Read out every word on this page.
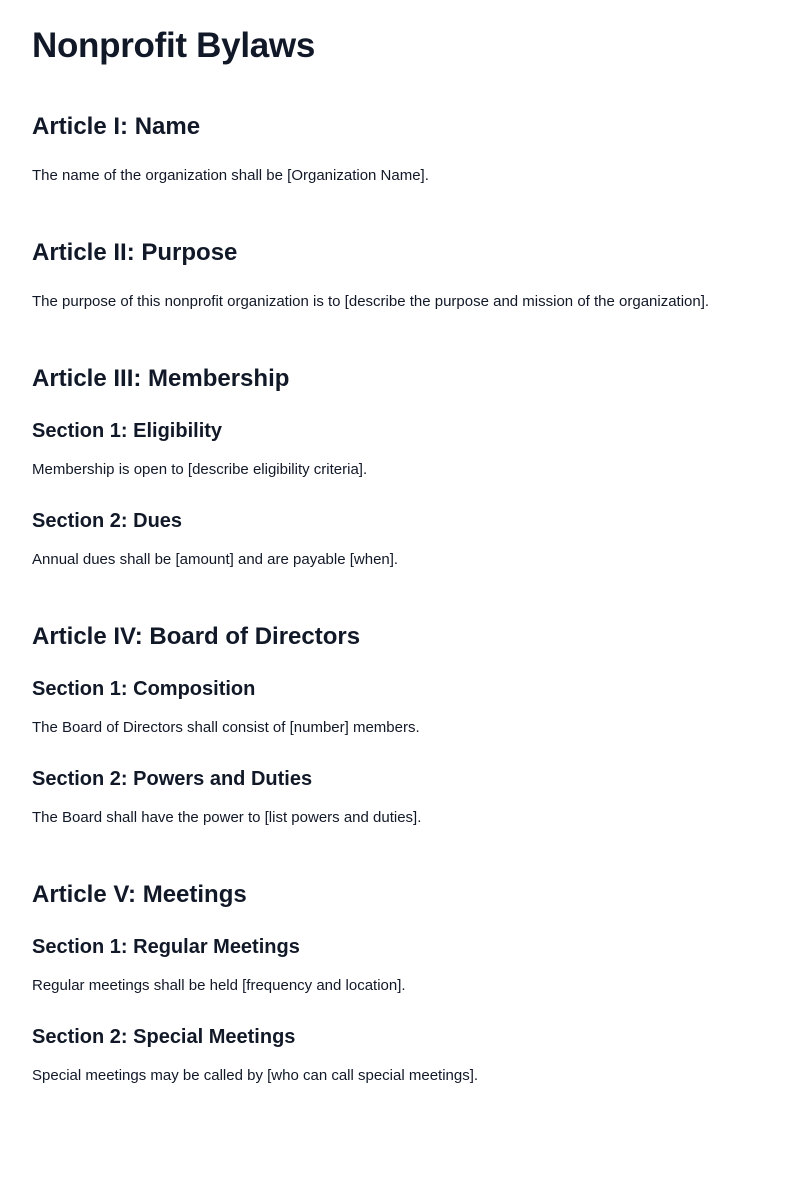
Nonprofit Bylaws
Article I: Name

The name of the organization shall be [Organization Name].

Article II: Purpose

The purpose of this nonprofit organization is to [describe the purpose and mission of the organization].

Article III: Membership
Section 1: Eligibility

Membership is open to [describe eligibility criteria].

Section 2: Dues

Annual dues shall be [amount] and are payable [when].

Article IV: Board of Directors
Section 1: Composition

The Board of Directors shall consist of [number] members.

Section 2: Powers and Duties

The Board shall have the power to [list powers and duties].

Article V: Meetings
Section 1: Regular Meetings

Regular meetings shall be held [frequency and location].

Section 2: Special Meetings

Special meetings may be called by [who can call special meetings].
